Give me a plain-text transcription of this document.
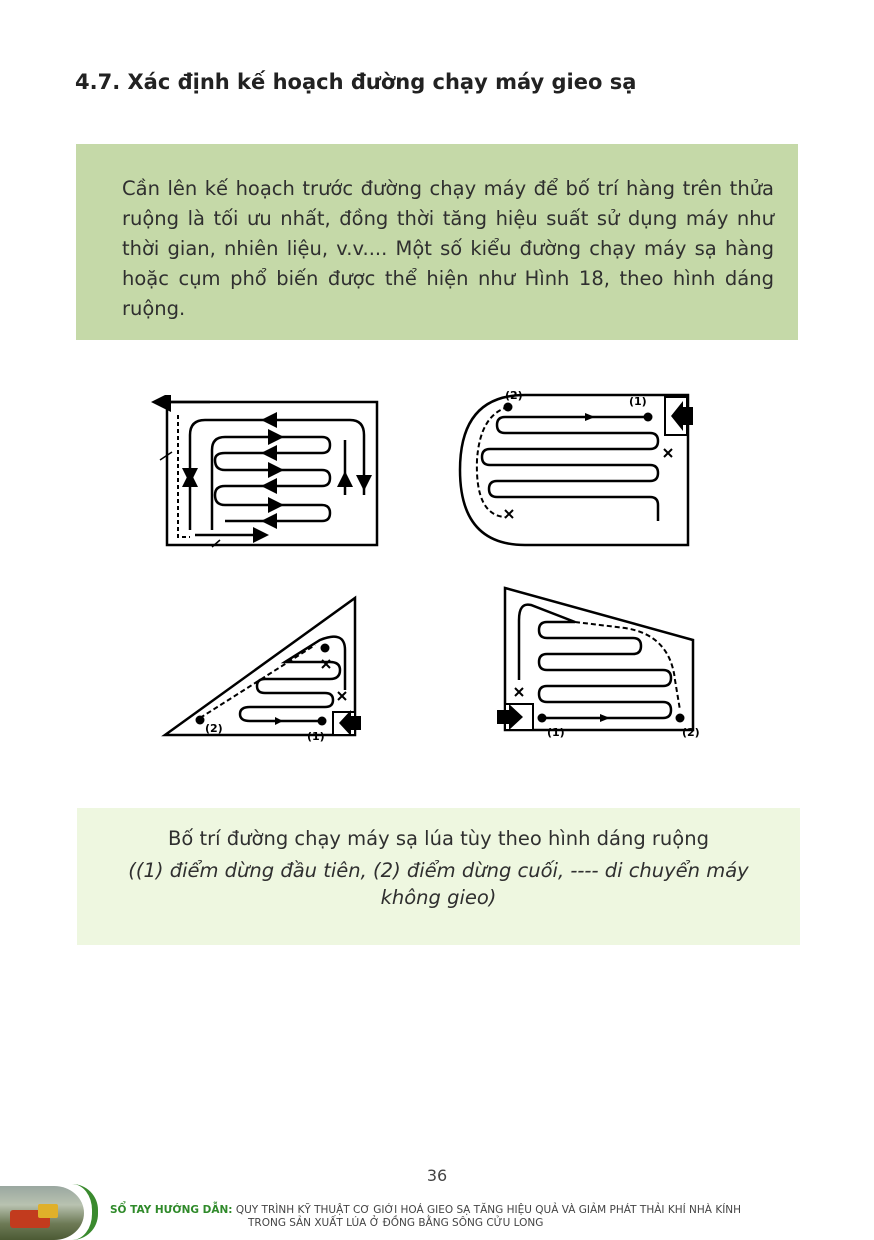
4.7. Xác định kế hoạch đường chạy máy gieo sạ

Cần lên kế hoạch trước đường chạy máy để bố trí hàng trên thửa ruộng là tối ưu nhất, đồng thời tăng hiệu suất sử dụng máy như thời gian, nhiên liệu, v.v.... Một số kiểu đường chạy máy sạ hàng hoặc cụm phổ biến được thể hiện như Hình 18, theo hình dáng ruộng.

(1)
(2)
(1)
(2)	(1)	(2)

Bố trí đường chạy máy sạ lúa tùy theo hình dáng ruộng

((1) điểm dừng đầu tiên, (2) điểm dừng cuối, ---- di chuyển máy không gieo)

36
SỔ TAY HƯỚNG DẪN: QUY TRÌNH KỸ THUẬT CƠ GIỚI HOÁ GIEO SẠ TĂNG HIỆU QUẢ VÀ GIẢM PHÁT THẢI KHÍ NHÀ KÍNH
TRONG SẢN XUẤT LÚA Ở ĐỒNG BẰNG SÔNG CỬU LONG
